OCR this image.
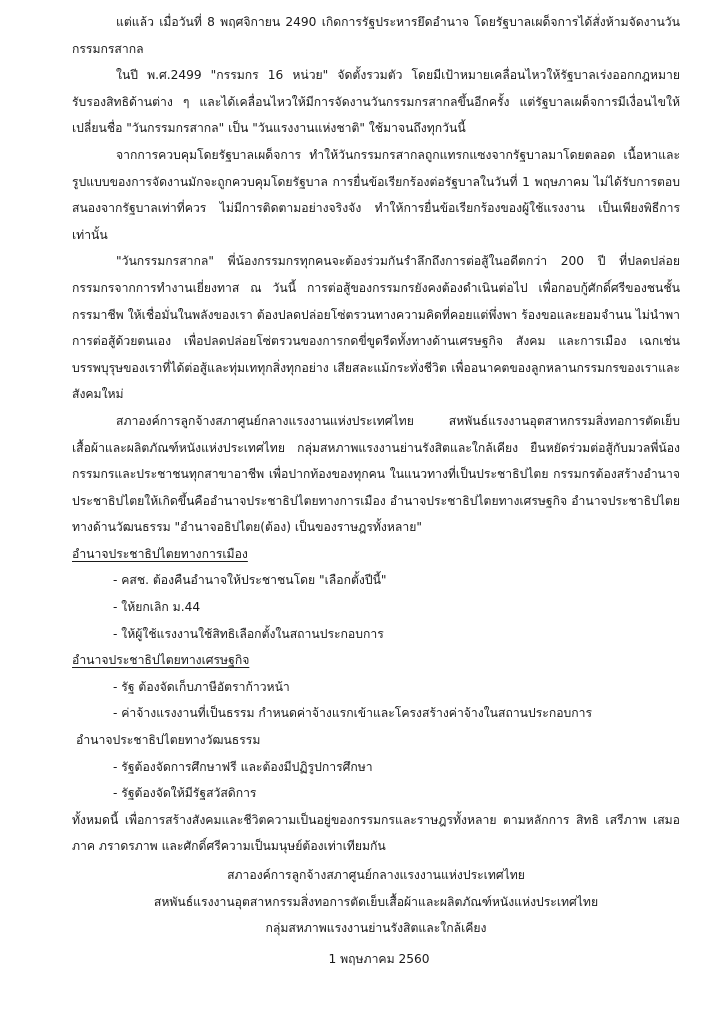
แต่แล้ว เมื่อวันที่ 8 พฤศจิกายน 2490 เกิดการรัฐประหารยึดอำนาจ โดยรัฐบาลเผด็จการได้สั่งห้ามจัดงานวันกรรมกรสากล

ในปี พ.ศ.2499 "กรรมกร 16 หน่วย" จัดตั้งรวมตัว โดยมีเป้าหมายเคลื่อนไหวให้รัฐบาลเร่งออกกฎหมายรับรองสิทธิด้านต่าง ๆ และได้เคลื่อนไหวให้มีการจัดงานวันกรรมกรสากลขึ้นอีกครั้ง แต่รัฐบาลเผด็จการมีเงื่อนไขให้เปลี่ยนชื่อ "วันกรรมกรสากล" เป็น "วันแรงงานแห่งชาติ" ใช้มาจนถึงทุกวันนี้

จากการควบคุมโดยรัฐบาลเผด็จการ ทำให้วันกรรมกรสากลถูกแทรกแซงจากรัฐบาลมาโดยตลอด เนื้อหาและรูปแบบของการจัดงานมักจะถูกควบคุมโดยรัฐบาล การยื่นข้อเรียกร้องต่อรัฐบาลในวันที่ 1 พฤษภาคม ไม่ได้รับการตอบสนองจากรัฐบาลเท่าที่ควร ไม่มีการติดตามอย่างจริงจัง ทำให้การยื่นข้อเรียกร้องของผู้ใช้แรงงาน เป็นเพียงพิธีการเท่านั้น

"วันกรรมกรสากล" พี่น้องกรรมกรทุกคนจะต้องร่วมกันรำลึกถึงการต่อสู้ในอดีตกว่า 200 ปี ที่ปลดปล่อยกรรมกรจากการทำงานเยี่ยงทาส ณ วันนี้ การต่อสู้ของกรรมกรยังคงต้องดำเนินต่อไป เพื่อกอบกู้ศักดิ์ศรีของชนชั้นกรรมาชีพ ให้เชื่อมั่นในพลังของเรา ต้องปลดปล่อยโซ่ตรวนทางความคิดที่คอยแต่พึ่งพา ร้องขอและยอมจำนน ไม่นำพาการต่อสู้ด้วยตนเอง เพื่อปลดปล่อยโซ่ตรวนของการกดขี่ขูดรีดทั้งทางด้านเศรษฐกิจ สังคม และการเมือง เฉกเช่นบรรพบุรุษของเราที่ได้ต่อสู้และทุ่มเททุกสิ่งทุกอย่าง เสียสละแม้กระทั่งชีวิต เพื่ออนาคตของลูกหลานกรรมกรของเราและสังคมใหม่

สภาองค์การลูกจ้างสภาศูนย์กลางแรงงานแห่งประเทศไทย สหพันธ์แรงงานอุตสาหกรรมสิ่งทอการตัดเย็บเสื้อผ้าและผลิตภัณฑ์หนังแห่งประเทศไทย กลุ่มสหภาพแรงงานย่านรังสิตและใกล้เคียง ยืนหยัดร่วมต่อสู้กับมวลพี่น้องกรรมกรและประชาชนทุกสาขาอาชีพ เพื่อปากท้องของทุกคน ในแนวทางที่เป็นประชาธิปไตย กรรมกรต้องสร้างอำนาจประชาธิปไตยให้เกิดขึ้นคืออำนาจประชาธิปไตยทางการเมือง อำนาจประชาธิปไตยทางเศรษฐกิจ อำนาจประชาธิปไตยทางด้านวัฒนธรรม "อำนาจอธิปไตย(ต้อง) เป็นของราษฎรทั้งหลาย"

อำนาจประชาธิปไตยทางการเมือง

- คสช. ต้องคืนอำนาจให้ประชาชนโดย "เลือกตั้งปีนี้"

- ให้ยกเลิก ม.44

- ให้ผู้ใช้แรงงานใช้สิทธิเลือกตั้งในสถานประกอบการ

อำนาจประชาธิปไตยทางเศรษฐกิจ

- รัฐ ต้องจัดเก็บภาษีอัตราก้าวหน้า

- ค่าจ้างแรงงานที่เป็นธรรม กำหนดค่าจ้างแรกเข้าและโครงสร้างค่าจ้างในสถานประกอบการ

อำนาจประชาธิปไตยทางวัฒนธรรม

- รัฐต้องจัดการศึกษาฟรี และต้องมีปฏิรูปการศึกษา

- รัฐต้องจัดให้มีรัฐสวัสดิการ

ทั้งหมดนี้ เพื่อการสร้างสังคมและชีวิตความเป็นอยู่ของกรรมกรและราษฎรทั้งหลาย ตามหลักการ สิทธิ เสรีภาพ เสมอภาค ภราดรภาพ และศักดิ์ศรีความเป็นมนุษย์ต้องเท่าเทียมกัน

สภาองค์การลูกจ้างสภาศูนย์กลางแรงงานแห่งประเทศไทย

สหพันธ์แรงงานอุตสาหกรรมสิ่งทอการตัดเย็บเสื้อผ้าและผลิตภัณฑ์หนังแห่งประเทศไทย

กลุ่มสหภาพแรงงานย่านรังสิตและใกล้เคียง

1 พฤษภาคม 2560
